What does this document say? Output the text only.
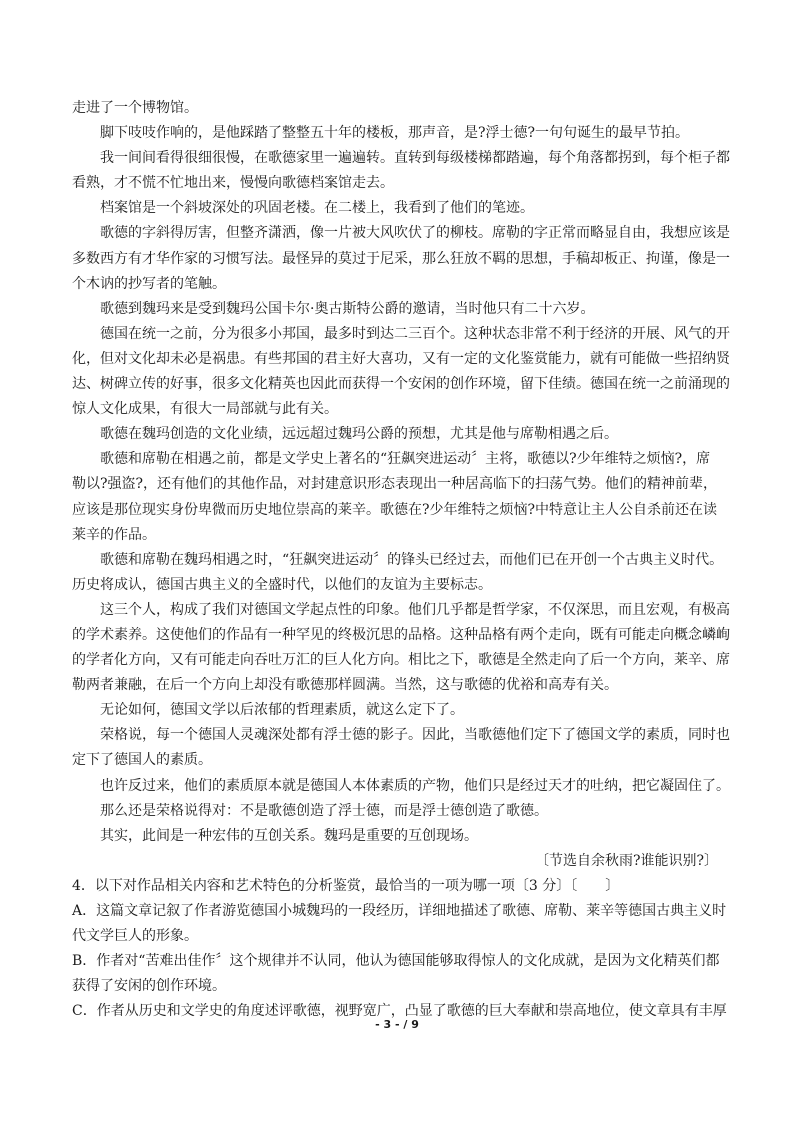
走进了一个博物馆。

脚下吱吱作响的，是他踩踏了整整五十年的楼板，那声音，是?浮士德?一句句诞生的最早节拍。

我一间间看得很细很慢，在歌德家里一遍遍转。直转到每级楼梯都踏遍，每个角落都拐到，每个柜子都

看熟，才不慌不忙地出来，慢慢向歌德档案馆走去。

档案馆是一个斜坡深处的巩固老楼。在二楼上，我看到了他们的笔迹。

歌德的字斜得厉害，但整齐潇洒，像一片被大风吹伏了的柳枝。席勒的字正常而略显自由，我想应该是

多数西方有才华作家的习惯写法。最怪异的莫过于尼采，那么狂放不羁的思想，手稿却板正、拘谨，像是一

个木讷的抄写者的笔触。

歌德到魏玛来是受到魏玛公国卡尔·奥古斯特公爵的邀请，当时他只有二十六岁。

德国在统一之前，分为很多小邦国，最多时到达二三百个。这种状态非常不利于经济的开展、风气的开

化，但对文化却未必是祸患。有些邦国的君主好大喜功，又有一定的文化鉴赏能力，就有可能做一些招纳贤

达、树碑立传的好事，很多文化精英也因此而获得一个安闲的创作环境，留下佳绩。德国在统一之前涌现的

惊人文化成果，有很大一局部就与此有关。

歌德在魏玛创造的文化业绩，远远超过魏玛公爵的预想，尤其是他与席勒相遇之后。

歌德和席勒在相遇之前，都是文学史上著名的“狂飙突进运动〞主将，歌德以?少年维特之烦恼?，席

勒以?强盗?，还有他们的其他作品，对封建意识形态表现出一种居高临下的扫荡气势。他们的精神前辈，

应该是那位现实身份卑微而历史地位崇高的莱辛。歌德在?少年维特之烦恼?中特意让主人公自杀前还在读

莱辛的作品。

歌德和席勒在魏玛相遇之时，“狂飙突进运动〞的锋头已经过去，而他们已在开创一个古典主义时代。

历史将成认，德国古典主义的全盛时代，以他们的友谊为主要标志。

这三个人，构成了我们对德国文学起点性的印象。他们几乎都是哲学家，不仅深思，而且宏观，有极高

的学术素养。这使他们的作品有一种罕见的终极沉思的品格。这种品格有两个走向，既有可能走向概念嶙峋

的学者化方向，又有可能走向吞吐万汇的巨人化方向。相比之下，歌德是全然走向了后一个方向，莱辛、席

勒两者兼融，在后一个方向上却没有歌德那样圆满。当然，这与歌德的优裕和高寿有关。

无论如何，德国文学以后浓郁的哲理素质，就这么定下了。

荣格说，每一个德国人灵魂深处都有浮士德的影子。因此，当歌德他们定下了德国文学的素质，同时也

定下了德国人的素质。

也许反过来，他们的素质原本就是德国人本体素质的产物，他们只是经过天才的吐纳，把它凝固住了。

那么还是荣格说得对：不是歌德创造了浮士德，而是浮士德创造了歌德。

其实，此间是一种宏伟的互创关系。魏玛是重要的互创现场。

〔节选自余秋雨?谁能识别?〕

4．以下对作品相关内容和艺术特色的分析鉴赏，最恰当的一项为哪一项〔3 分〕〔　　〕

A．这篇文章记叙了作者游览德国小城魏玛的一段经历，详细地描述了歌德、席勒、莱辛等德国古典主义时

代文学巨人的形象。

B．作者对“苦难出佳作〞这个规律并不认同，他认为德国能够取得惊人的文化成就，是因为文化精英们都

获得了安闲的创作环境。

C．作者从历史和文学史的角度述评歌德，视野宽广，凸显了歌德的巨大奉献和崇高地位，使文章具有丰厚

- 3 - / 9
